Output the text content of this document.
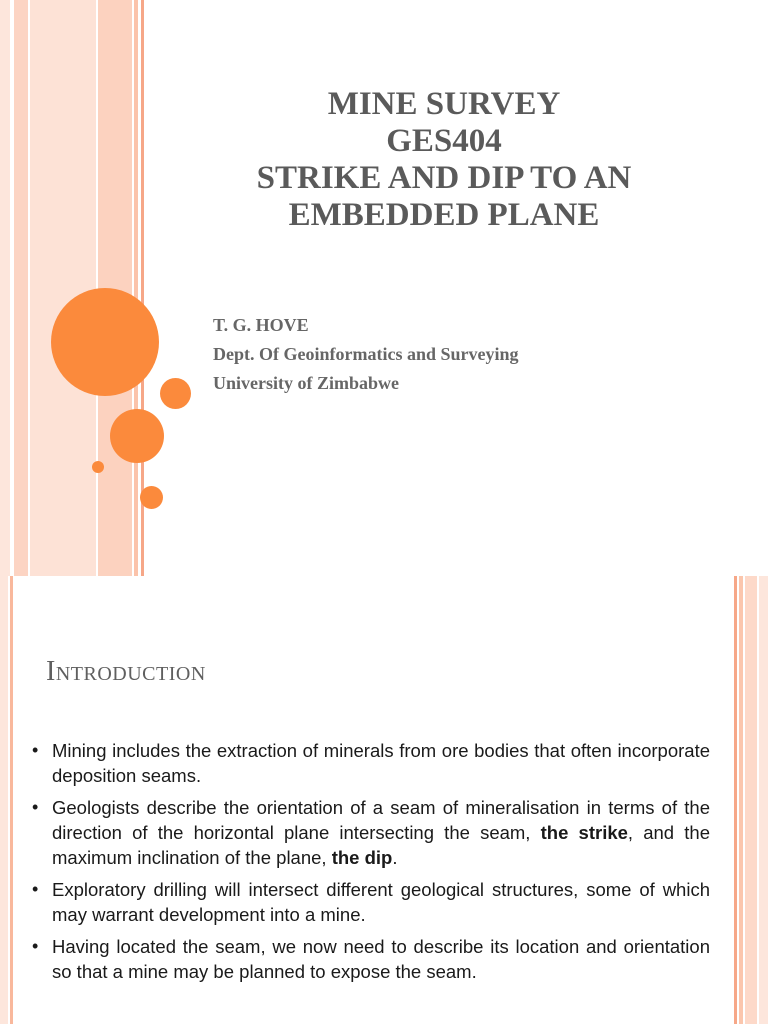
MINE SURVEY
GES404
STRIKE AND DIP TO AN
EMBEDDED PLANE
T. G. HOVE
Dept. Of Geoinformatics and Surveying
University of Zimbabwe
Introduction
• Mining includes the extraction of minerals from ore bodies that often incorporate deposition seams.
• Geologists describe the orientation of a seam of mineralisation in terms of the direction of the horizontal plane intersecting the seam, the strike, and the maximum inclination of the plane, the dip.
• Exploratory drilling will intersect different geological structures, some of which may warrant development into a mine.
• Having located the seam, we now need to describe its location and orientation so that a mine may be planned to expose the seam.
